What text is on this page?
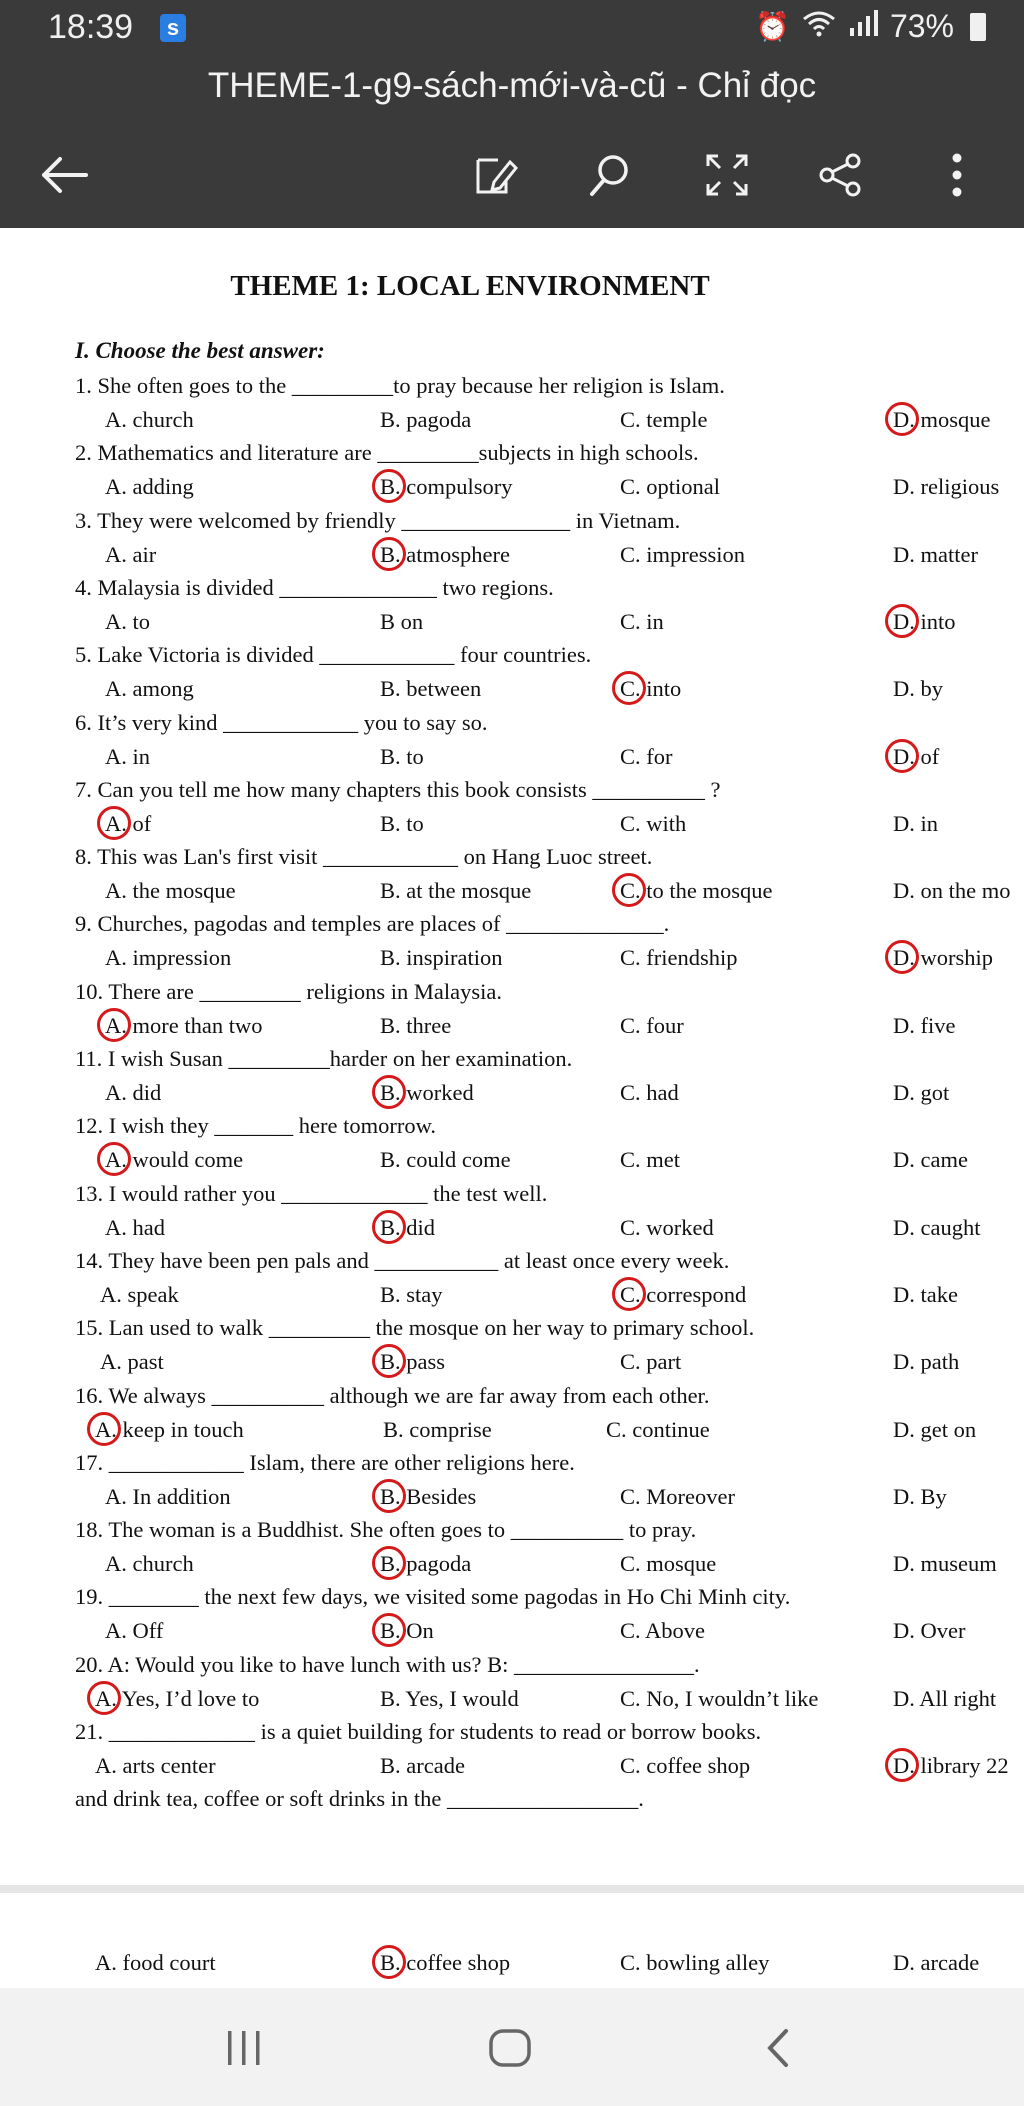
18:39	s	⏰	73%
THEME-1-g9-sách-mới-và-cũ - Chỉ đọc
THEME 1: LOCAL ENVIRONMENT
I. Choose the best answer:
1. She often goes to the _________to pray because her religion is Islam.
A. church	B. pagoda	C. temple	D. mosque
2. Mathematics and literature are _________subjects in high schools.
A. adding	B. compulsory	C. optional	D. religious
3. They were welcomed by friendly _______________ in Vietnam.
A. air	B. atmosphere	C. impression	D. matter
4. Malaysia is divided ______________ two regions.
A. to	B on	C. in	D. into
5. Lake Victoria is divided ____________ four countries.
A. among	B. between	C. into	D. by
6. It’s very kind ____________ you to say so.
A. in	B. to	C. for	D. of
7. Can you tell me how many chapters this book consists __________ ?
A. of	B. to	C. with	D. in
8. This was Lan's first visit ____________ on Hang Luoc street.
A. the mosque	B. at the mosque	C. to the mosque	D. on the mo
9. Churches, pagodas and temples are places of ______________.
A. impression	B. inspiration	C. friendship	D. worship
10. There are _________ religions in Malaysia.
A. more than two	B. three	C. four	D. five
11. I wish Susan _________harder on her examination.
A. did	B. worked	C. had	D. got
12. I wish they _______ here tomorrow.
A. would come	B. could come	C. met	D. came
13. I would rather you _____________ the test well.
A. had	B. did	C. worked	D. caught
14. They have been pen pals and ___________ at least once every week.
A. speak	B. stay	C. correspond	D. take
15. Lan used to walk _________ the mosque on her way to primary school.
A. past	B. pass	C. part	D. path
16. We always __________ although we are far away from each other.
A. keep in touch	B. comprise	C. continue	D. get on
17. ____________ Islam, there are other religions here.
A. In addition	B. Besides	C. Moreover	D. By
18. The woman is a Buddhist. She often goes to __________ to pray.
A. church	B. pagoda	C. mosque	D. museum
19. ________ the next few days, we visited some pagodas in Ho Chi Minh city.
A. Off	B. On	C. Above	D. Over
20. A: Would you like to have lunch with us? B: ________________.
A. Yes, I’d love to	B. Yes, I would	C. No, I wouldn’t like	D. All right
21. _____________ is a quiet building for students to read or borrow books.
A. arts center	B. arcade	C. coffee shop	D. library 22
and drink tea, coffee or soft drinks in the _________________.
A. food court	B. coffee shop	C. bowling alley	D. arcade
